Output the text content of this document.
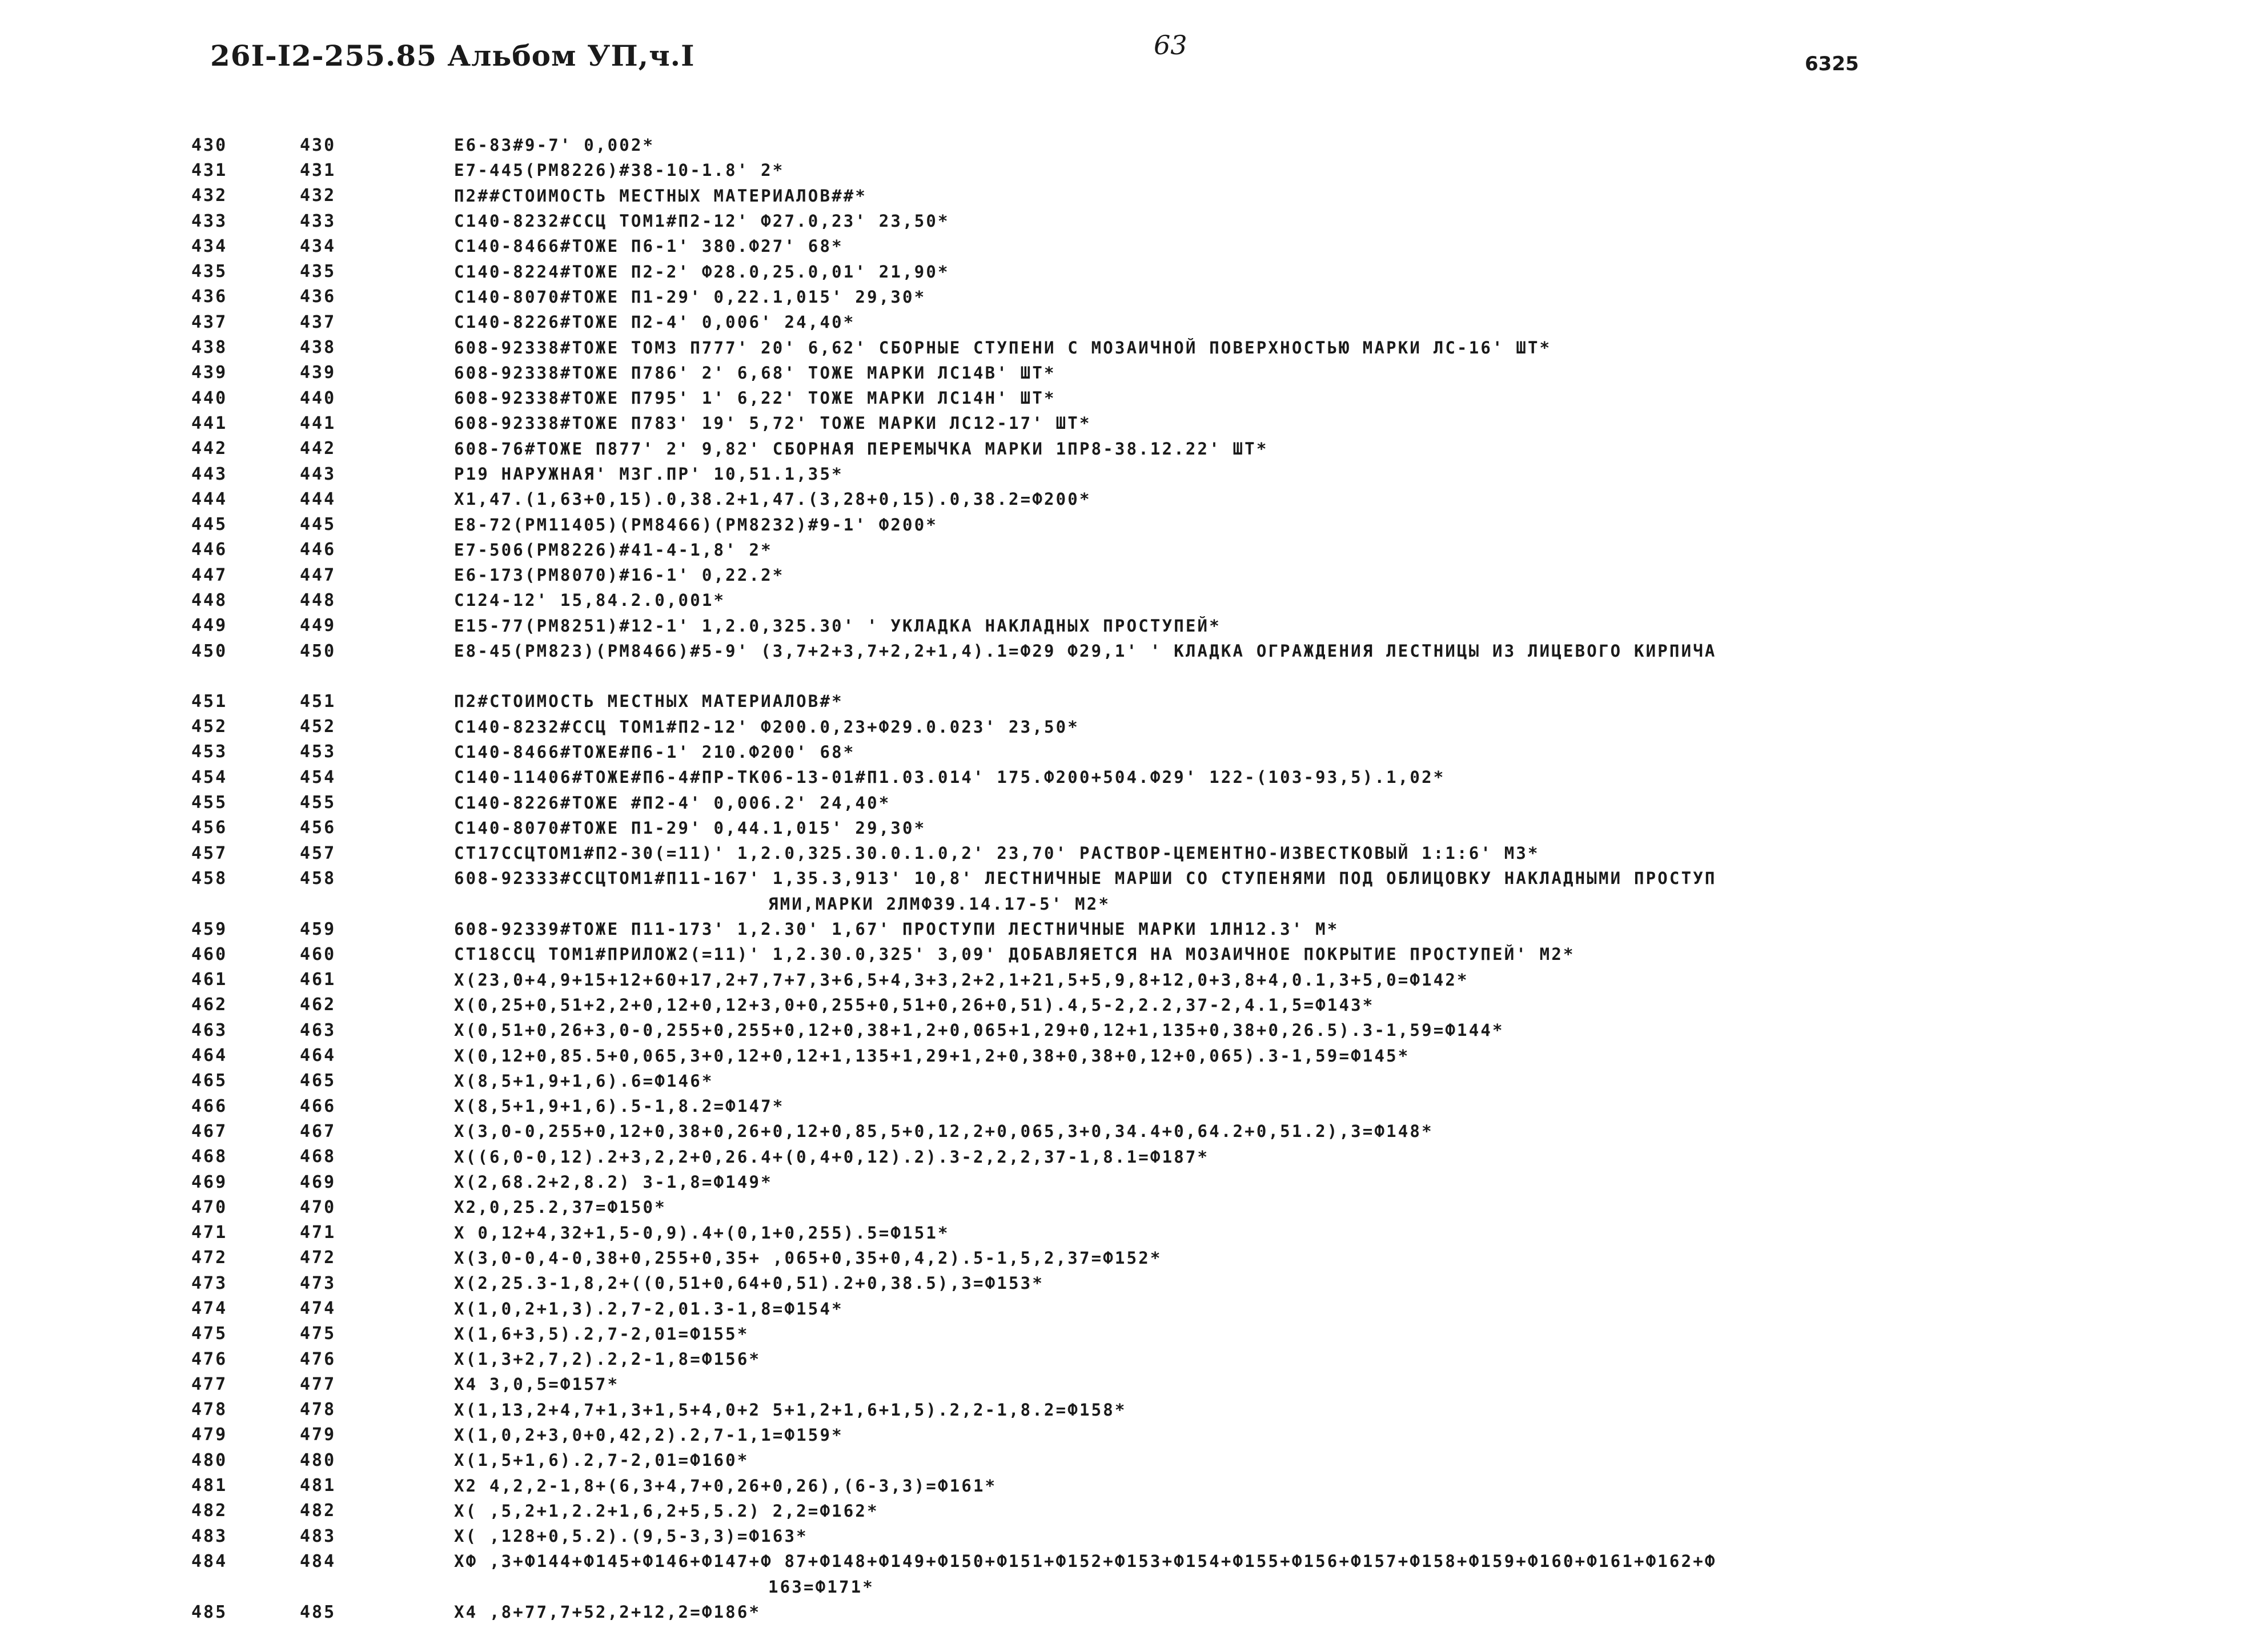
26I-I2-255.85 Альбом УП,ч.I	63
6325
430	430	Е6-83#9-7' 0,002*
431	431	Е7-445(РМ8226)#38-10-1.8' 2*
432	432	П2##СТОИМОСТЬ МЕСТНЫХ МАТЕРИАЛОВ##*
433	433	С140-8232#ССЦ ТОМ1#П2-12' Ф27.0,23' 23,50*
434	434	С140-8466#ТОЖЕ П6-1' 380.Ф27' 68*
435	435	С140-8224#ТОЖЕ П2-2' Ф28.0,25.0,01' 21,90*
436	436	С140-8070#ТОЖЕ П1-29' 0,22.1,015' 29,30*
437	437	С140-8226#ТОЖЕ П2-4' 0,006' 24,40*
438	438	608-92338#ТОЖЕ ТОМ3 П777' 20' 6,62' СБОРНЫЕ СТУПЕНИ С МОЗАИЧНОЙ ПОВЕРХНОСТЬЮ МАРКИ ЛС-16' ШТ*
439	439	608-92338#ТОЖЕ П786' 2' 6,68' ТОЖЕ МАРКИ ЛС14В' ШТ*
440	440	608-92338#ТОЖЕ П795' 1' 6,22' ТОЖЕ МАРКИ ЛС14Н' ШТ*
441	441	608-92338#ТОЖЕ П783' 19' 5,72' ТОЖЕ МАРКИ ЛС12-17' ШТ*
442	442	608-76#ТОЖЕ П877' 2' 9,82' СБОРНАЯ ПЕРЕМЫЧКА МАРКИ 1ПР8-38.12.22' ШТ*
443	443	Р19 НАРУЖНАЯ' МЗГ.ПР' 10,51.1,35*
444	444	Х1,47.(1,63+0,15).0,38.2+1,47.(3,28+0,15).0,38.2=Ф200*
445	445	Е8-72(РМ11405)(РМ8466)(РМ8232)#9-1' Ф200*
446	446	Е7-506(РМ8226)#41-4-1,8' 2*
447	447	Е6-173(РМ8070)#16-1' 0,22.2*
448	448	С124-12' 15,84.2.0,001*
449	449	Е15-77(РМ8251)#12-1' 1,2.0,325.30' ' УКЛАДКА НАКЛАДНЫХ ПРОСТУПЕЙ*
450	450	Е8-45(РМ823)(РМ8466)#5-9' (3,7+2+3,7+2,2+1,4).1=Ф29 Ф29,1' ' КЛАДКА ОГРАЖДЕНИЯ ЛЕСТНИЦЫ ИЗ ЛИЦЕВОГО КИРПИЧА
451	451	П2#СТОИМОСТЬ МЕСТНЫХ МАТЕРИАЛОВ#*
452	452	С140-8232#ССЦ ТОМ1#П2-12' Ф200.0,23+Ф29.0.023' 23,50*
453	453	С140-8466#ТОЖЕ#П6-1' 210.Ф200' 68*
454	454	С140-11406#ТОЖЕ#П6-4#ПР-ТК06-13-01#П1.03.014' 175.Ф200+504.Ф29' 122-(103-93,5).1,02*
455	455	С140-8226#ТОЖЕ #П2-4' 0,006.2' 24,40*
456	456	С140-8070#ТОЖЕ П1-29' 0,44.1,015' 29,30*
457	457	СТ17ССЦТОМ1#П2-30(=11)' 1,2.0,325.30.0.1.0,2' 23,70' РАСТВОР-ЦЕМЕНТНО-ИЗВЕСТКОВЫЙ 1:1:6' М3*
458	458	608-92333#ССЦТОМ1#П11-167' 1,35.3,913' 10,8' ЛЕСТНИЧНЫЕ МАРШИ СО СТУПЕНЯМИ ПОД ОБЛИЦОВКУ НАКЛАДНЫМИ ПРОСТУП
ЯМИ,МАРКИ 2ЛМФ39.14.17-5' М2*
459	459	608-92339#ТОЖЕ П11-173' 1,2.30' 1,67' ПРОСТУПИ ЛЕСТНИЧНЫЕ МАРКИ 1ЛН12.3' М*
460	460	СТ18ССЦ ТОМ1#ПРИЛОЖ2(=11)' 1,2.30.0,325' 3,09' ДОБАВЛЯЕТСЯ НА МОЗАИЧНОЕ ПОКРЫТИЕ ПРОСТУПЕЙ' М2*
461	461	Х(23,0+4,9+15+12+60+17,2+7,7+7,3+6,5+4,3+3,2+2,1+21,5+5,9,8+12,0+3,8+4,0.1,3+5,0=Ф142*
462	462	Х(0,25+0,51+2,2+0,12+0,12+3,0+0,255+0,51+0,26+0,51).4,5-2,2.2,37-2,4.1,5=Ф143*
463	463	Х(0,51+0,26+3,0-0,255+0,255+0,12+0,38+1,2+0,065+1,29+0,12+1,135+0,38+0,26.5).3-1,59=Ф144*
464	464	Х(0,12+0,85.5+0,065,3+0,12+0,12+1,135+1,29+1,2+0,38+0,38+0,12+0,065).3-1,59=Ф145*
465	465	Х(8,5+1,9+1,6).6=Ф146*
466	466	Х(8,5+1,9+1,6).5-1,8.2=Ф147*
467	467	Х(3,0-0,255+0,12+0,38+0,26+0,12+0,85,5+0,12,2+0,065,3+0,34.4+0,64.2+0,51.2),3=Ф148*
468	468	Х((6,0-0,12).2+3,2,2+0,26.4+(0,4+0,12).2).3-2,2,2,37-1,8.1=Ф187*
469	469	Х(2,68.2+2,8.2) 3-1,8=Ф149*
470	470	Х2,0,25.2,37=Ф150*
471	471	Х 0,12+4,32+1,5-0,9).4+(0,1+0,255).5=Ф151*
472	472	Х(3,0-0,4-0,38+0,255+0,35+ ,065+0,35+0,4,2).5-1,5,2,37=Ф152*
473	473	Х(2,25.3-1,8,2+((0,51+0,64+0,51).2+0,38.5),3=Ф153*
474	474	Х(1,0,2+1,3).2,7-2,01.3-1,8=Ф154*
475	475	Х(1,6+3,5).2,7-2,01=Ф155*
476	476	Х(1,3+2,7,2).2,2-1,8=Ф156*
477	477	Х4 3,0,5=Ф157*
478	478	Х(1,13,2+4,7+1,3+1,5+4,0+2 5+1,2+1,6+1,5).2,2-1,8.2=Ф158*
479	479	Х(1,0,2+3,0+0,42,2).2,7-1,1=Ф159*
480	480	Х(1,5+1,6).2,7-2,01=Ф160*
481	481	Х2 4,2,2-1,8+(6,3+4,7+0,26+0,26),(6-3,3)=Ф161*
482	482	Х( ,5,2+1,2.2+1,6,2+5,5.2) 2,2=Ф162*
483	483	Х( ,128+0,5.2).(9,5-3,3)=Ф163*
484	484	ХФ ,3+Ф144+Ф145+Ф146+Ф147+Ф 87+Ф148+Ф149+Ф150+Ф151+Ф152+Ф153+Ф154+Ф155+Ф156+Ф157+Ф158+Ф159+Ф160+Ф161+Ф162+Ф
163=Ф171*
485	485	Х4 ,8+77,7+52,2+12,2=Ф186*
